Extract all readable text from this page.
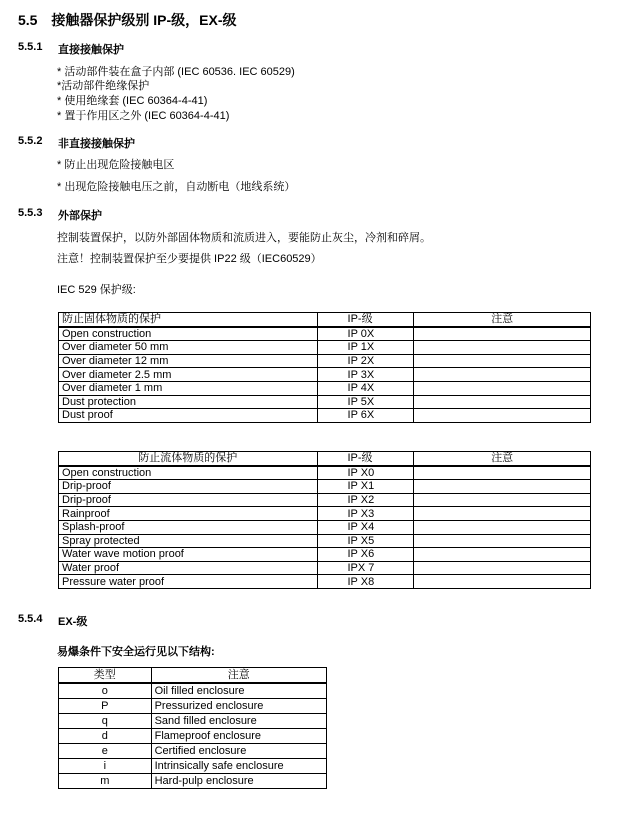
5.5 接触器保护级别 IP-级，EX-级
5.5.1 直接接触保护
* 活动部件装在盒子内部 (IEC 60536. IEC 60529)
*活动部件绝缘保护
* 使用绝缘套 (IEC 60364-4-41)
* 置于作用区之外 (IEC 60364-4-41)
5.5.2 非直接接触保护
* 防止出现危险接触电区
* 出现危险接触电压之前，自动断电（地线系统）
5.5.3 外部保护
控制装置保护，以防外部固体物质和流质进入，要能防止灰尘，冷剂和碎屑。
注意！控制装置保护至少要提供 IP22 级（IEC60529）
IEC 529 保护级:
防止固体物质的保护	IP-级	注意
Open construction	IP 0X	
Over diameter 50 mm	IP 1X	
Over diameter 12 mm	IP 2X	
Over diameter 2.5 mm	IP 3X	
Over diameter 1 mm	IP 4X	
Dust protection	IP 5X	
Dust proof	IP 6X	
防止流体物质的保护	IP-级	注意
Open construction	IP X0	
Drip-proof	IP X1	
Drip-proof	IP X2	
Rainproof	IP X3	
Splash-proof	IP X4	
Spray protected	IP X5	
Water wave motion proof	IP X6	
Water proof	IPX 7	
Pressure water proof	IP X8	
5.5.4 EX-级
易爆条件下安全运行见以下结构:
类型	注意
o	Oil filled enclosure
P	Pressurized enclosure
q	Sand filled enclosure
d	Flameproof enclosure
e	Certified enclosure
i	Intrinsically safe enclosure
m	Hard-pulp enclosure
